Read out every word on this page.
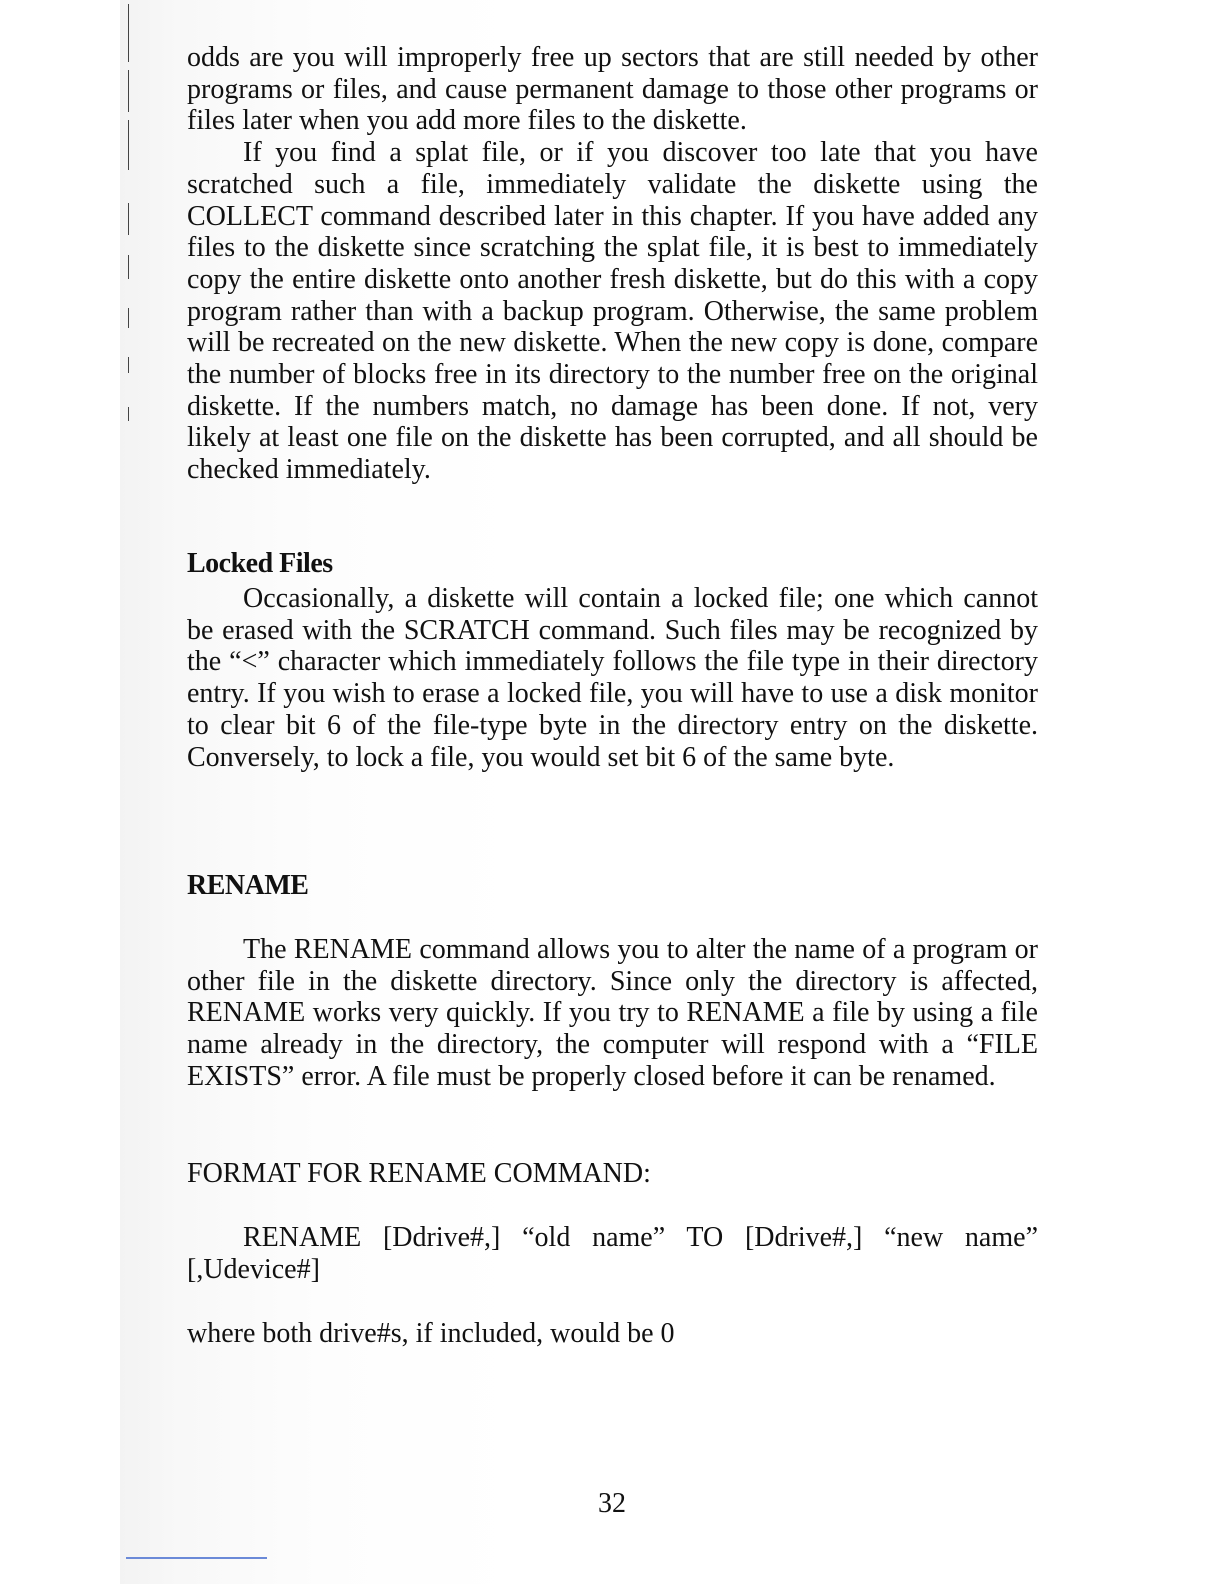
odds are you will improperly free up sectors that are still needed by other programs or files, and cause permanent damage to those other programs or files later when you add more files to the diskette.

If you find a splat file, or if you discover too late that you have scratched such a file, immediately validate the diskette using the COLLECT command described later in this chapter. If you have added any files to the diskette since scratching the splat file, it is best to immediately copy the entire diskette onto another fresh diskette, but do this with a copy program rather than with a backup program. Otherwise, the same problem will be recreated on the new diskette. When the new copy is done, compare the number of blocks free in its directory to the number free on the original diskette. If the numbers match, no damage has been done. If not, very likely at least one file on the diskette has been corrupted, and all should be checked immediately.

Locked Files

Occasionally, a diskette will contain a locked file; one which cannot be erased with the SCRATCH command. Such files may be recognized by the “<” character which immediately follows the file type in their directory entry. If you wish to erase a locked file, you will have to use a disk monitor to clear bit 6 of the file-type byte in the directory entry on the diskette. Conversely, to lock a file, you would set bit 6 of the same byte.

RENAME

The RENAME command allows you to alter the name of a program or other file in the diskette directory. Since only the directory is affected, RENAME works very quickly. If you try to RENAME a file by using a file name already in the directory, the computer will respond with a “FILE EXISTS” error. A file must be properly closed before it can be renamed.

FORMAT FOR RENAME COMMAND:

RENAME [Ddrive#,] “old name” TO [Ddrive#,] “new name” [,Udevice#]

where both drive#s, if included, would be 0

32
